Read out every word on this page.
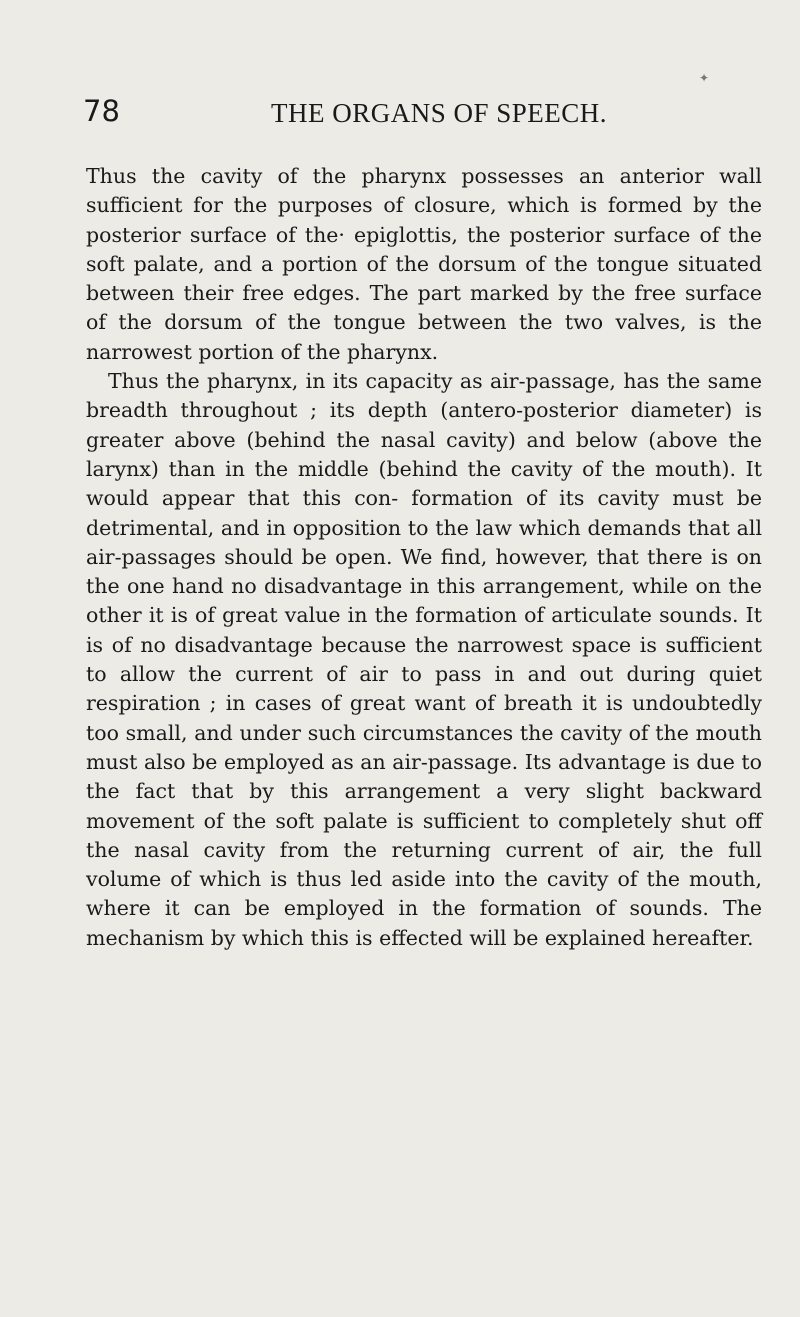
✦
78	THE ORGANS OF SPEECH.

Thus the cavity of the pharynx possesses an anterior wall sufficient for the purposes of closure, which is formed by the posterior surface of the· epiglottis, the posterior surface of the soft palate, and a portion of the dorsum of the tongue situated between their free edges. The part marked by the free surface of the dorsum of the tongue between the two valves, is the narrowest portion of the pharynx.

Thus the pharynx, in its capacity as air-passage, has the same breadth throughout ; its depth (antero-posterior diameter) is greater above (behind the nasal cavity) and below (above the larynx) than in the middle (behind the cavity of the mouth). It would appear that this con- formation of its cavity must be detrimental, and in opposition to the law which demands that all air-passages should be open. We find, however, that there is on the one hand no disadvantage in this arrangement, while on the other it is of great value in the formation of articulate sounds. It is of no disadvantage because the narrowest space is sufficient to allow the current of air to pass in and out during quiet respiration ; in cases of great want of breath it is undoubtedly too small, and under such circumstances the cavity of the mouth must also be employed as an air-passage. Its advantage is due to the fact that by this arrangement a very slight backward movement of the soft palate is sufficient to completely shut off the nasal cavity from the returning current of air, the full volume of which is thus led aside into the cavity of the mouth, where it can be employed in the formation of sounds. The mechanism by which this is effected will be explained hereafter.
